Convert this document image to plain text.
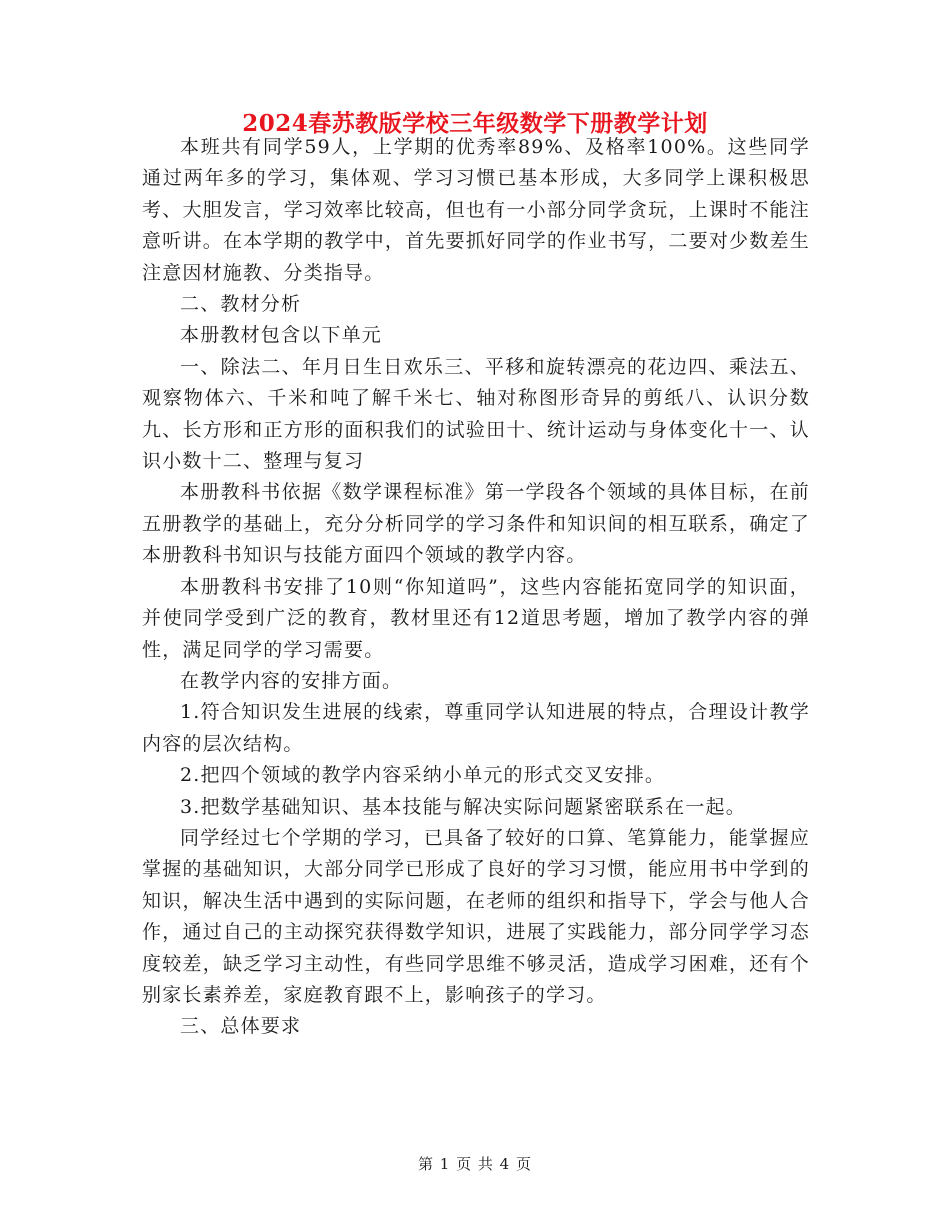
2024春苏教版学校三年级数学下册教学计划

本班共有同学59人，上学期的优秀率89%、及格率100%。这些同学通过两年多的学习，集体观、学习习惯已基本形成，大多同学上课积极思考、大胆发言，学习效率比较高，但也有一小部分同学贪玩，上课时不能注意听讲。在本学期的教学中，首先要抓好同学的作业书写，二要对少数差生注意因材施教、分类指导。

二、教材分析

本册教材包含以下单元

一、除法二、年月日生日欢乐三、平移和旋转漂亮的花边四、乘法五、观察物体六、千米和吨了解千米七、轴对称图形奇异的剪纸八、认识分数九、长方形和正方形的面积我们的试验田十、统计运动与身体变化十一、认识小数十二、整理与复习

本册教科书依据《数学课程标准》第一学段各个领域的具体目标，在前五册教学的基础上，充分分析同学的学习条件和知识间的相互联系，确定了本册教科书知识与技能方面四个领域的教学内容。

本册教科书安排了10则“你知道吗”，这些内容能拓宽同学的知识面，并使同学受到广泛的教育，教材里还有12道思考题，增加了教学内容的弹性，满足同学的学习需要。

在教学内容的安排方面。

1.符合知识发生进展的线索，尊重同学认知进展的特点，合理设计教学内容的层次结构。

2.把四个领域的教学内容采纳小单元的形式交叉安排。

3.把数学基础知识、基本技能与解决实际问题紧密联系在一起。

同学经过七个学期的学习，已具备了较好的口算、笔算能力，能掌握应掌握的基础知识，大部分同学已形成了良好的学习习惯，能应用书中学到的知识，解决生活中遇到的实际问题，在老师的组织和指导下，学会与他人合作，通过自己的主动探究获得数学知识，进展了实践能力，部分同学学习态度较差，缺乏学习主动性，有些同学思维不够灵活，造成学习困难，还有个别家长素养差，家庭教育跟不上，影响孩子的学习。

三、总体要求

第 1 页 共 4 页
